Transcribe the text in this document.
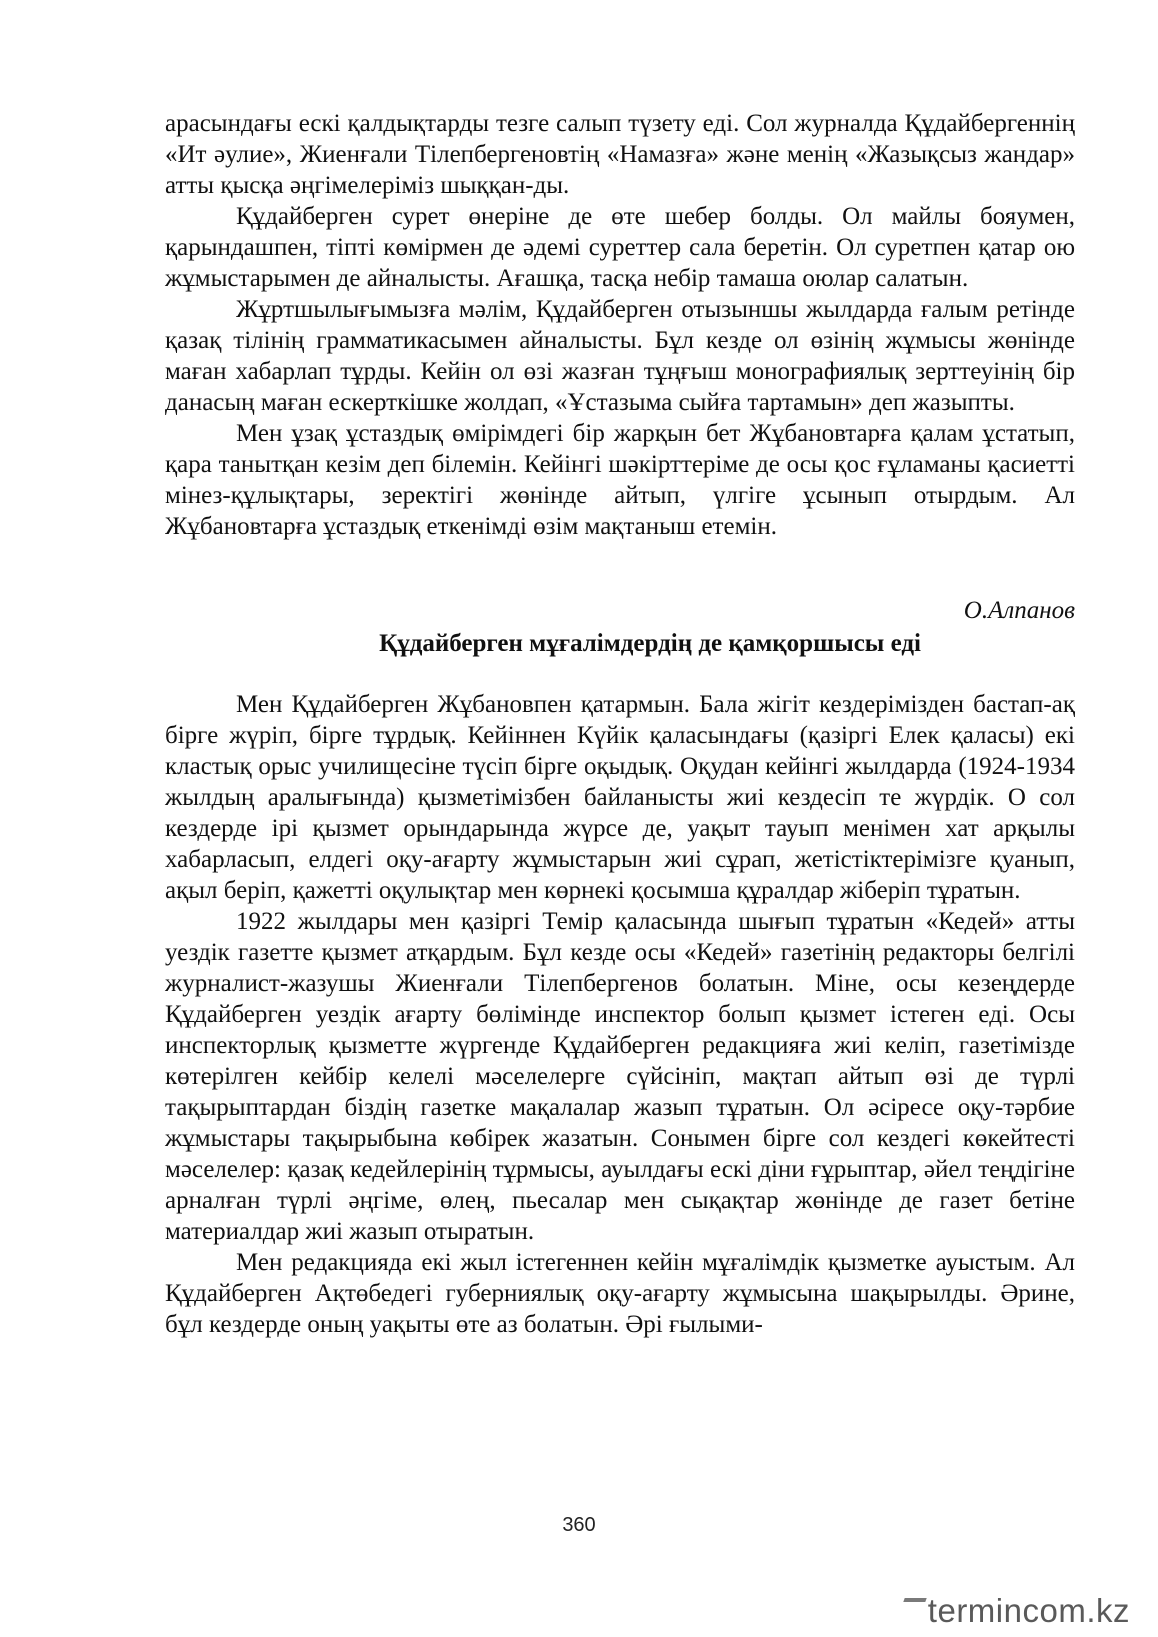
арасындағы ескі қалдықтарды тезге салып түзету еді. Сол журналда Құдайбергеннің «Ит әулие», Жиенғали Тілепбергеновтің «Намазға» және менің «Жазықсыз жандар» атты қысқа әңгімелеріміз шыққан-ды.

Құдайберген сурет өнеріне де өте шебер болды. Ол майлы бояумен, қарындашпен, тіпті көмірмен де әдемі суреттер сала беретін. Ол суретпен қатар ою жұмыстарымен де айналысты. Ағашқа, тасқа небір тамаша оюлар салатын.

Жұртшылығымызға мәлім, Құдайберген отызыншы жылдарда ғалым ретінде қазақ тілінің грамматикасымен айналысты. Бұл кезде ол өзінің жұмысы жөнінде маған хабарлап тұрды. Кейін ол өзі жазған тұңғыш монографиялық зерттеуінің бір данасың маған ескерткішке жолдап, «Ұстазыма сыйға тартамын» деп жазыпты.

Мен ұзақ ұстаздық өмірімдегі бір жарқын бет Жұбановтарға қалам ұстатып, қара танытқан кезім деп білемін. Кейінгі шәкірттеріме де осы қос ғұламаны қасиетті мінез-құлықтары, зеректігі жөнінде айтып, үлгіге ұсынып отырдым. Ал Жұбановтарға ұстаздық еткенімді өзім мақтаныш етемін.

О.Алпанов

Құдайберген мұғалімдердің де қамқоршысы еді

Мен Құдайберген Жұбановпен қатармын. Бала жігіт кездерімізден бастап-ақ бірге жүріп, бірге тұрдық. Кейіннен Күйік қаласындағы (қазіргі Елек қаласы) екі кластық орыс училищесіне түсіп бірге оқыдық. Оқудан кейінгі жылдарда (1924-1934 жылдың аралығында) қызметімізбен байланысты жиі кездесіп те жүрдік. О сол кездерде ірі қызмет орындарында жүрсе де, уақыт тауып менімен хат арқылы хабарласып, елдегі оқу-ағарту жұмыстарын жиі сұрап, жетістіктерімізге қуанып, ақыл беріп, қажетті оқулықтар мен көрнекі қосымша құралдар жіберіп тұратын.

1922 жылдары мен қазіргі Темір қаласында шығып тұратын «Кедей» атты уездік газетте қызмет атқардым. Бұл кезде осы «Кедей» газетінің редакторы белгілі журналист-жазушы Жиенғали Тілепбергенов болатын. Міне, осы кезеңдерде Құдайберген уездік ағарту бөлімінде инспектор болып қызмет істеген еді. Осы инспекторлық қызметте жүргенде Құдайберген редакцияға жиі келіп, газетімізде көтерілген кейбір келелі мәселелерге сүйсініп, мақтап айтып өзі де түрлі тақырыптардан біздің газетке мақалалар жазып тұратын. Ол әсіресе оқу-тәрбие жұмыстары тақырыбына көбірек жазатын. Сонымен бірге сол кездегі көкейтесті мәселелер: қазақ кедейлерінің тұрмысы, ауылдағы ескі діни ғұрыптар, әйел теңдігіне арналған түрлі әңгіме, өлең, пьесалар мен сықақтар жөнінде де газет бетіне материалдар жиі жазып отыратын.

Мен редакцияда екі жыл істегеннен кейін мұғалімдік қызметке ауыстым. Ал Құдайберген Ақтөбедегі губерниялық оқу-ағарту жұмысына шақырылды. Әрине, бұл кездерде оның уақыты өте аз болатын. Әрі ғылыми-

360
termincom.kz
